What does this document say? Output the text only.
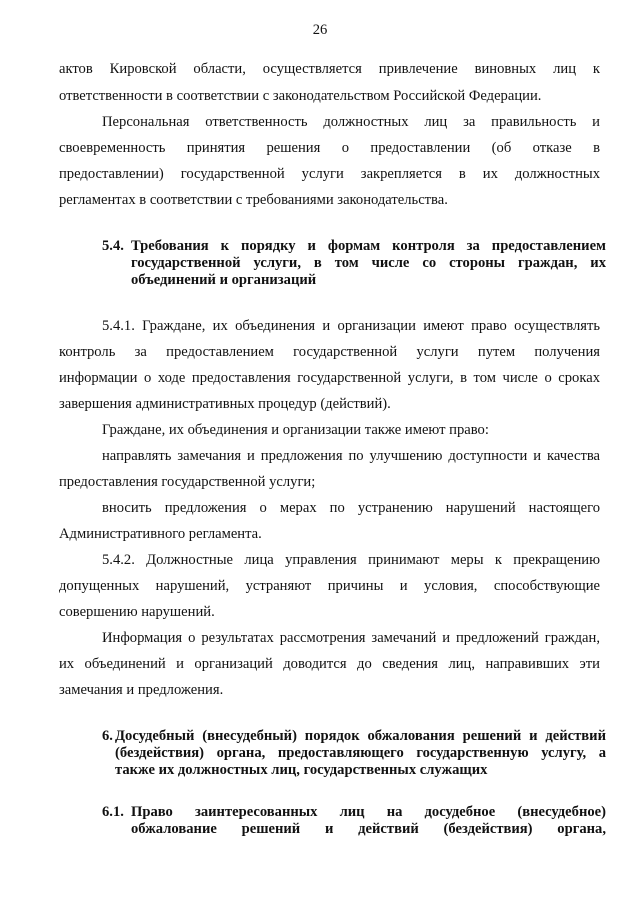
26
актов Кировской области, осуществляется привлечение виновных лиц к
ответственности в соответствии с законодательством Российской Федерации.
Персональная ответственность должностных лиц за правильность и
своевременность принятия решения о предоставлении (об отказе в
предоставлении) государственной услуги закрепляется в их должностных
регламентах в соответствии с требованиями законодательства.
5.4. Требования к порядку и формам контроля за предоставлением
государственной услуги, в том числе со стороны граждан, их
объединений и организаций
5.4.1. Граждане, их объединения и организации имеют право осуществлять
контроль за предоставлением государственной услуги путем получения
информации о ходе предоставления государственной услуги, в том числе о сроках
завершения административных процедур (действий).
Граждане, их объединения и организации также имеют право:
направлять замечания и предложения по улучшению доступности и качества
предоставления государственной услуги;
вносить предложения о мерах по устранению нарушений настоящего
Административного регламента.
5.4.2. Должностные лица управления принимают меры к прекращению
допущенных нарушений, устраняют причины и условия, способствующие
совершению нарушений.
Информация о результатах рассмотрения замечаний и предложений граждан,
их объединений и организаций доводится до сведения лиц, направивших эти
замечания и предложения.
6. Досудебный (внесудебный) порядок обжалования решений и действий
(бездействия) органа, предоставляющего государственную услугу, а
также их должностных лиц, государственных служащих
6.1. Право заинтересованных лиц на досудебное (внесудебное)
обжалование решений и действий (бездействия) органа,
